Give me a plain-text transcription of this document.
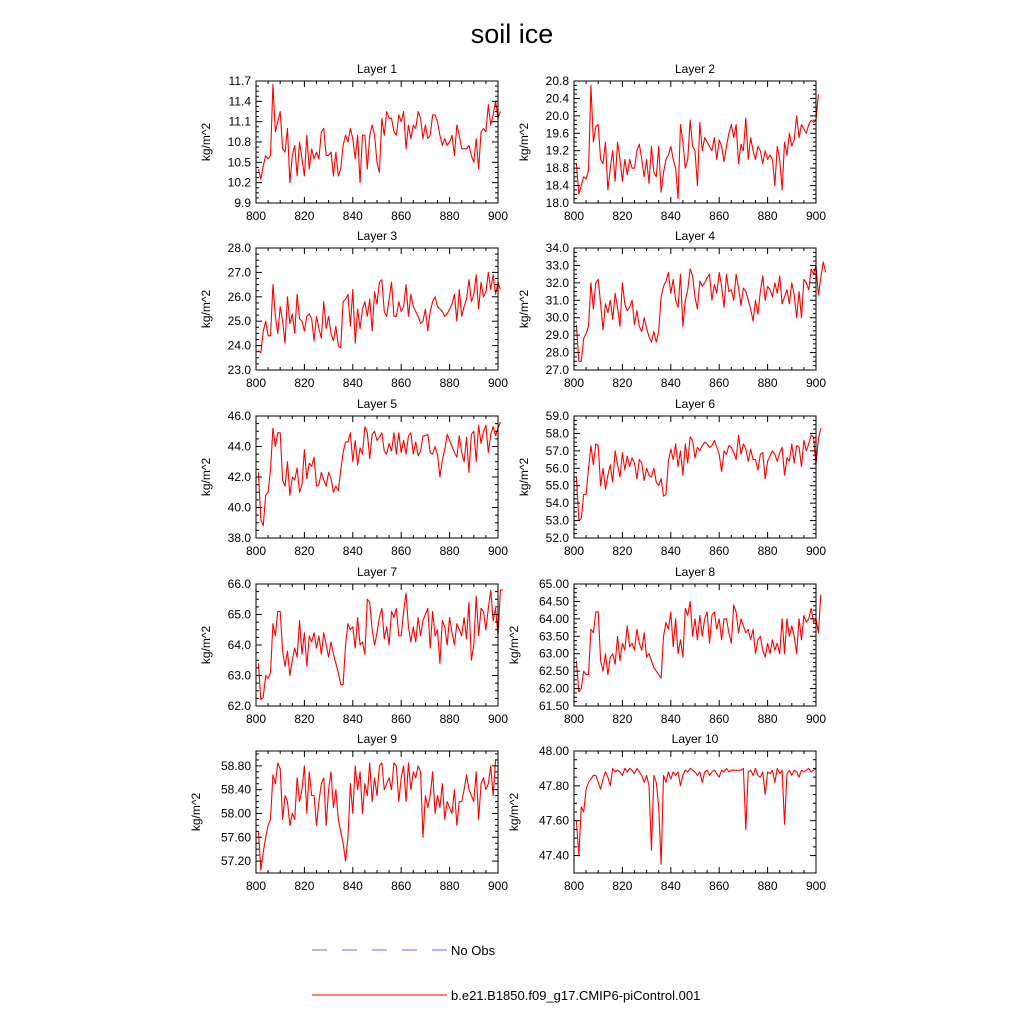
soil ice
Layer 1
800 820 840 860 880 900
9.9
10.2
10.5
10.8
11.1
11.4
11.7
kg/m^2
Layer 2
800 820 840 860 880 900
18.0
18.4
18.8
19.2
19.6
20.0
20.4
20.8
kg/m^2
Layer 3
800 820 840 860 880 900
23.0
24.0
25.0
26.0
27.0
28.0
kg/m^2
Layer 4
800 820 840 860 880 900
27.0
28.0
29.0
30.0
31.0
32.0
33.0
34.0
kg/m^2
Layer 5
800 820 840 860 880 900
38.0
40.0
42.0
44.0
46.0
kg/m^2
Layer 6
800 820 840 860 880 900
52.0
53.0
54.0
55.0
56.0
57.0
58.0
59.0
kg/m^2
Layer 7
800 820 840 860 880 900
62.0
63.0
64.0
65.0
66.0
kg/m^2
Layer 8
800 820 840 860 880 900
61.50
62.00
62.50
63.00
63.50
64.00
64.50
65.00
kg/m^2
Layer 9
800 820 840 860 880 900
57.20
57.60
58.00
58.40
58.80
kg/m^2
Layer 10
800 820 840 860 880 900
47.40
47.60
47.80
48.00
kg/m^2
No Obs
b.e21.B1850.f09_g17.CMIP6-piControl.001
